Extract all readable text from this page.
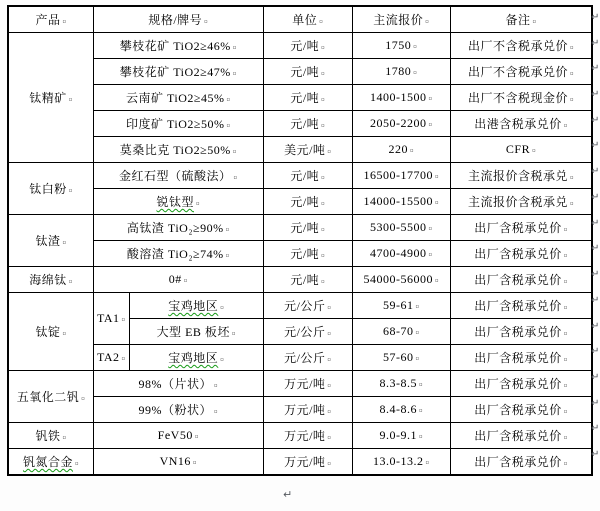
产品 ¤	规格/牌号 ¤		单位 ¤	主流报价 ¤	备注 ¤
钛精矿 ¤	攀枝花矿 TiO2≥46% ¤		元/吨 ¤	1750 ¤	出厂不含税承兑价 ¤
	攀枝花矿 TiO2≥47% ¤		元/吨 ¤	1780 ¤	出厂不含税承兑价 ¤
	云南矿 TiO2≥45% ¤		元/吨 ¤	1400-1500 ¤	出厂不含税现金价 ¤
	印度矿 TiO2≥50% ¤		元/吨 ¤	2050-2200 ¤	出港含税承兑价 ¤
	莫桑比克 TiO2≥50% ¤		美元/吨 ¤	220 ¤	CFR ¤
钛白粉 ¤	金红石型（硫酸法） ¤		元/吨 ¤	16500-17700 ¤	主流报价含税承兑 ¤
	锐钛型 ¤		元/吨 ¤	14000-15500 ¤	主流报价含税承兑 ¤
钛渣 ¤	高钛渣 TiO₂≥90% ¤		元/吨 ¤	5300-5500 ¤	出厂含税承兑价 ¤
	酸溶渣 TiO₂≥74% ¤		元/吨 ¤	4700-4900 ¤	出厂含税承兑价 ¤
海绵钛 ¤	0# ¤		元/吨 ¤	54000-56000 ¤	出厂含税承兑价 ¤
钛锭 ¤	TA1 ¤	宝鸡地区 ¤	元/公斤 ¤	59-61 ¤	出厂含税承兑价 ¤
		大型 EB 板坯 ¤	元/公斤 ¤	68-70 ¤	出厂含税承兑价 ¤
	TA2 ¤	宝鸡地区 ¤	元/公斤 ¤	57-60 ¤	出厂含税承兑价 ¤
五氧化二钒 ¤	98%（片状） ¤		万元/吨 ¤	8.3-8.5 ¤	出厂含税承兑价 ¤
	99%（粉状） ¤		万元/吨 ¤	8.4-8.6 ¤	出厂含税承兑价 ¤
钒铁 ¤	FeV50 ¤		万元/吨 ¤	9.0-9.1 ¤	出厂含税承兑价 ¤
钒氮合金 ¤	VN16 ¤		万元/吨 ¤	13.0-13.2 ¤	出厂含税承兑价 ¤
↵
↵
↵
↵
↵
↵
↵
↵
↵
↵
↵
↵
↵
↵
↵
↵
↵
↵
↵
